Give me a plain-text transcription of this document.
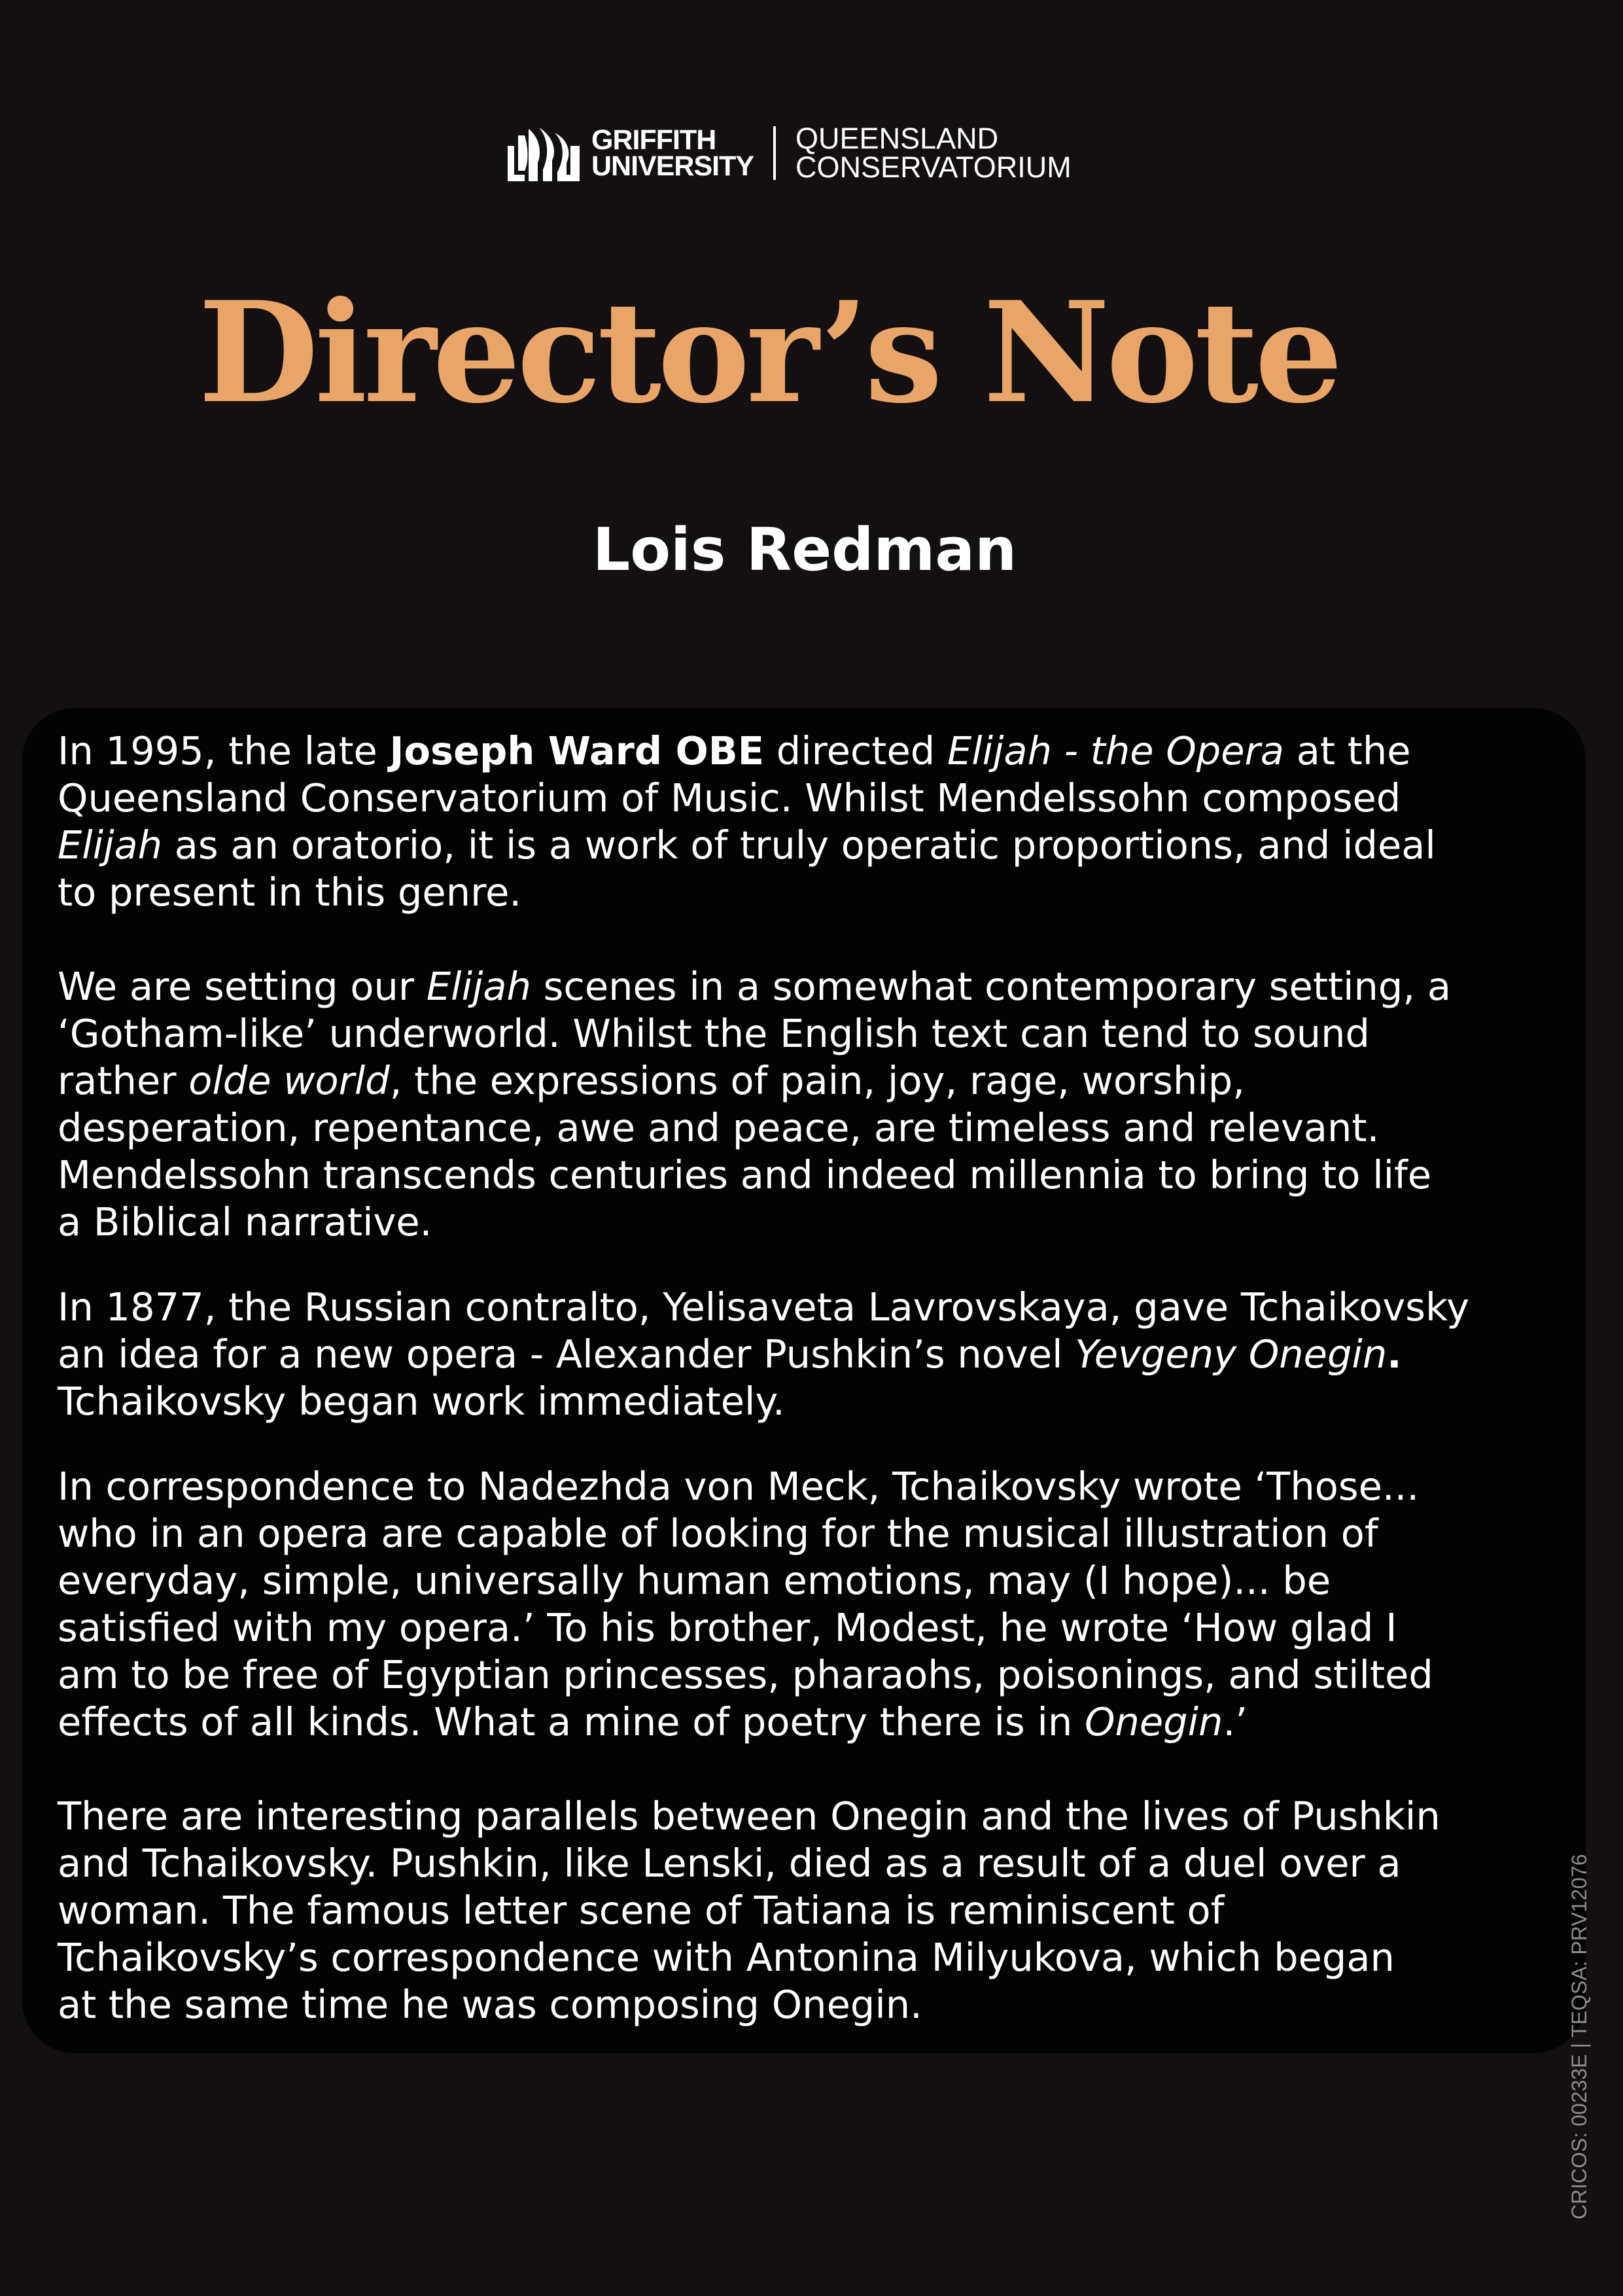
GRIFFITH
UNIVERSITY
QUEENSLAND
CONSERVATORIUM
Director’s Note
Lois Redman

In 1995, the late Joseph Ward OBE directed Elijah - the Opera at the
Queensland Conservatorium of Music. Whilst Mendelssohn composed
Elijah as an oratorio, it is a work of truly operatic proportions, and ideal
to present in this genre.

We are setting our Elijah scenes in a somewhat contemporary setting, a
‘Gotham-like’ underworld. Whilst the English text can tend to sound
rather olde world, the expressions of pain, joy, rage, worship,
desperation, repentance, awe and peace, are timeless and relevant.
Mendelssohn transcends centuries and indeed millennia to bring to life
a Biblical narrative.

In 1877, the Russian contralto, Yelisaveta Lavrovskaya, gave Tchaikovsky
an idea for a new opera - Alexander Pushkin’s novel Yevgeny Onegin.
Tchaikovsky began work immediately.

In correspondence to Nadezhda von Meck, Tchaikovsky wrote ‘Those...
who in an opera are capable of looking for the musical illustration of
everyday, simple, universally human emotions, may (I hope)... be
satisfied with my opera.’ To his brother, Modest, he wrote ‘How glad I
am to be free of Egyptian princesses, pharaohs, poisonings, and stilted
effects of all kinds. What a mine of poetry there is in Onegin.’

There are interesting parallels between Onegin and the lives of Pushkin
and Tchaikovsky. Pushkin, like Lenski, died as a result of a duel over a
woman. The famous letter scene of Tatiana is reminiscent of
Tchaikovsky’s correspondence with Antonina Milyukova, which began
at the same time he was composing Onegin.	CRICOS: 00233E | TEQSA: PRV12076
